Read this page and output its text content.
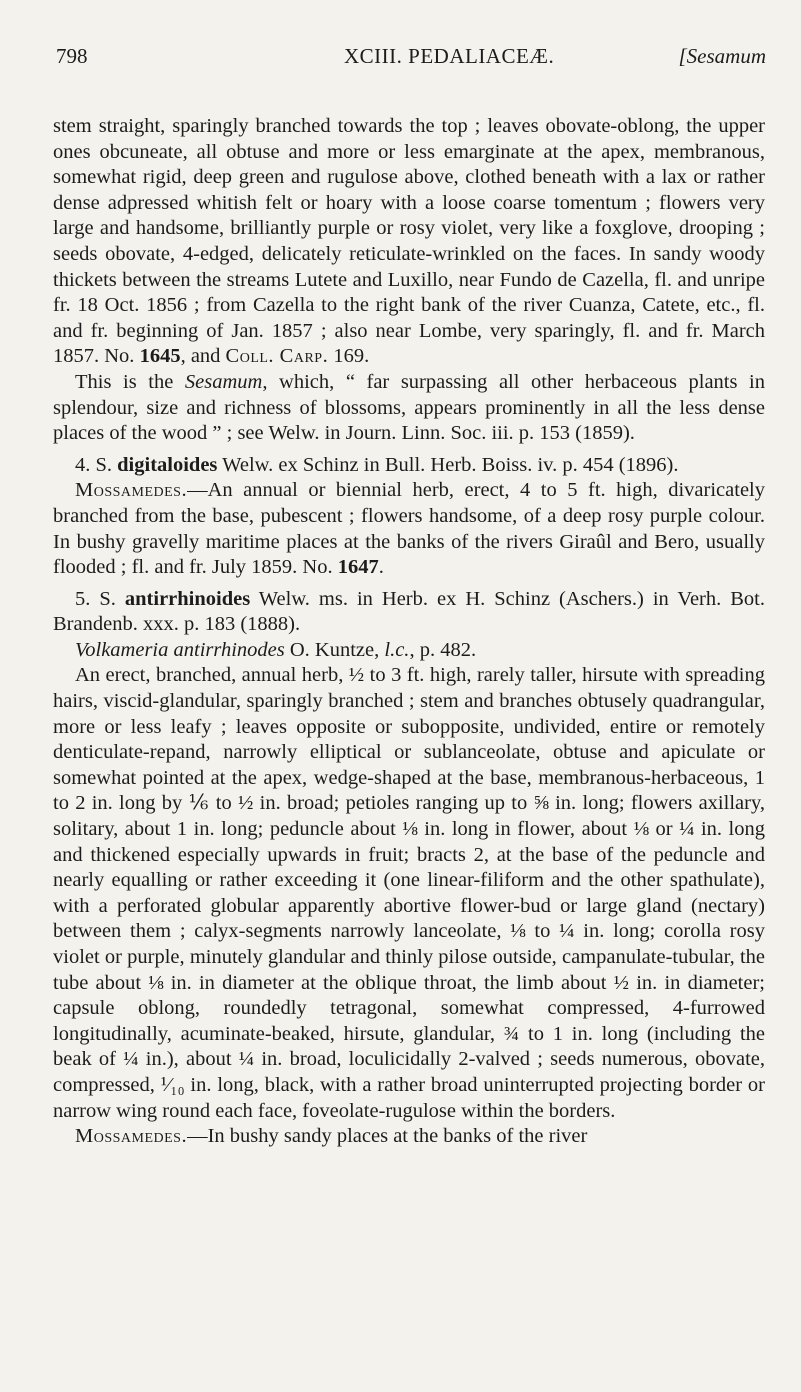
798	XCIII. PEDALIACEÆ.	[Sesamum

stem straight, sparingly branched towards the top ; leaves obovate-oblong, the upper ones obcuneate, all obtuse and more or less emarginate at the apex, membranous, somewhat rigid, deep green and rugulose above, clothed beneath with a lax or rather dense adpressed whitish felt or hoary with a loose coarse tomentum ; flowers very large and handsome, brilliantly purple or rosy violet, very like a foxglove, drooping ; seeds obovate, 4-edged, delicately reticulate-wrinkled on the faces. In sandy woody thickets between the streams Lutete and Luxillo, near Fundo de Cazella, fl. and unripe fr. 18 Oct. 1856 ; from Cazella to the right bank of the river Cuanza, Catete, etc., fl. and fr. beginning of Jan. 1857 ; also near Lombe, very sparingly, fl. and fr. March 1857. No. 1645, and Coll. Carp. 169.

This is the Sesamum, which, “ far surpassing all other herbaceous plants in splendour, size and richness of blossoms, appears prominently in all the less dense places of the wood ” ; see Welw. in Journ. Linn. Soc. iii. p. 153 (1859).

4. S. digitaloides Welw. ex Schinz in Bull. Herb. Boiss. iv. p. 454 (1896).

Mossamedes.—An annual or biennial herb, erect, 4 to 5 ft. high, divaricately branched from the base, pubescent ; flowers handsome, of a deep rosy purple colour. In bushy gravelly maritime places at the banks of the rivers Giraûl and Bero, usually flooded ; fl. and fr. July 1859. No. 1647.

5. S. antirrhinoides Welw. ms. in Herb. ex H. Schinz (Aschers.) in Verh. Bot. Brandenb. xxx. p. 183 (1888).

Volkameria antirrhinodes O. Kuntze, l.c., p. 482.

An erect, branched, annual herb, ½ to 3 ft. high, rarely taller, hirsute with spreading hairs, viscid-glandular, sparingly branched ; stem and branches obtusely quadrangular, more or less leafy ; leaves opposite or subopposite, undivided, entire or remotely denticulate-repand, narrowly elliptical or sublanceolate, obtuse and apiculate or somewhat pointed at the apex, wedge-shaped at the base, membranous-herbaceous, 1 to 2 in. long by ⅙ to ½ in. broad; petioles ranging up to ⅝ in. long; flowers axillary, solitary, about 1 in. long; peduncle about ⅛ in. long in flower, about ⅛ or ¼ in. long and thickened especially upwards in fruit; bracts 2, at the base of the peduncle and nearly equalling or rather exceeding it (one linear-filiform and the other spathulate), with a perforated globular apparently abortive flower-bud or large gland (nectary) between them ; calyx-segments narrowly lanceolate, ⅛ to ¼ in. long; corolla rosy violet or purple, minutely glandular and thinly pilose outside, campanulate-tubular, the tube about ⅛ in. in diameter at the oblique throat, the limb about ½ in. in diameter; capsule oblong, roundedly tetragonal, somewhat compressed, 4-furrowed longitudinally, acuminate-beaked, hirsute, glandular, ¾ to 1 in. long (including the beak of ¼ in.), about ¼ in. broad, loculicidally 2-valved ; seeds numerous, obovate, compressed, ¹⁄₁₀ in. long, black, with a rather broad uninterrupted projecting border or narrow wing round each face, foveolate-rugulose within the borders.

Mossamedes.—In bushy sandy places at the banks of the river
